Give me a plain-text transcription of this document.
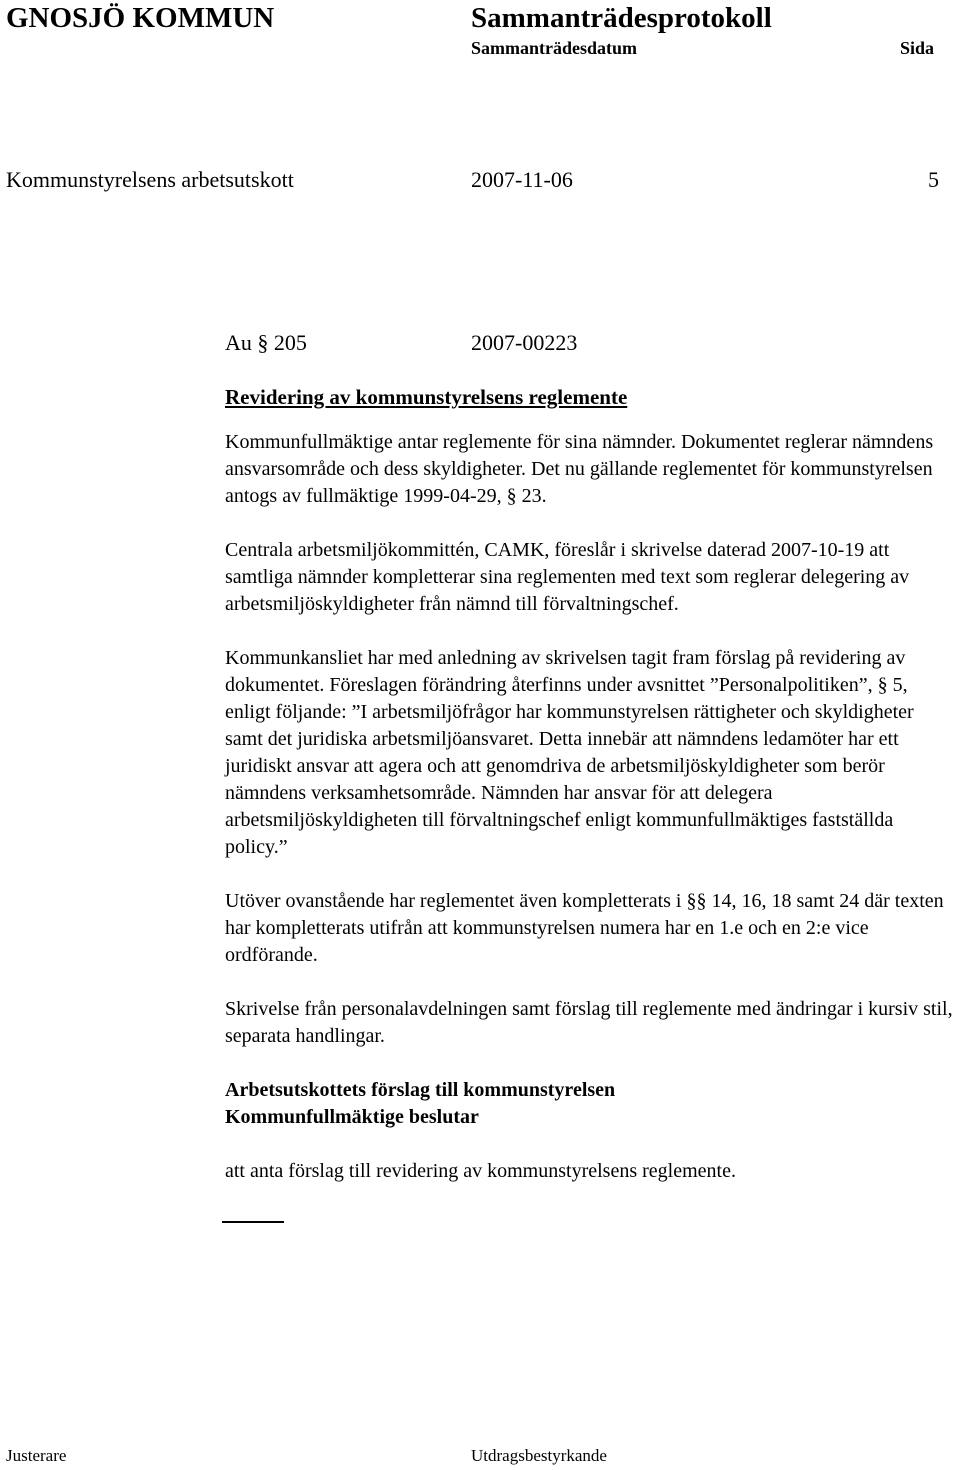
GNOSJÖ KOMMUN	Sammanträdesprotokoll
Sammanträdesdatum	Sida
Kommunstyrelsens arbetsutskott	2007-11-06	5
Au § 205	2007-00223

Revidering av kommunstyrelsens reglemente

Kommunfullmäktige antar reglemente för sina nämnder. Dokumentet reglerar nämndens ansvarsområde och dess skyldigheter. Det nu gällande reglementet för kommunstyrelsen antogs av fullmäktige 1999-04-29, § 23.

Centrala arbetsmiljökommittén, CAMK, föreslår i skrivelse daterad 2007-10-19 att samtliga nämnder kompletterar sina reglementen med text som reglerar delegering av arbetsmiljöskyldigheter från nämnd till förvaltningschef.

Kommunkansliet har med anledning av skrivelsen tagit fram förslag på revidering av dokumentet. Föreslagen förändring återfinns under avsnittet ”Personalpolitiken”, § 5, enligt följande: ”I arbetsmiljöfrågor har kommunstyrelsen rättigheter och skyldigheter samt det juridiska arbetsmiljöansvaret. Detta innebär att nämndens ledamöter har ett juridiskt ansvar att agera och att genomdriva de arbetsmiljöskyldigheter som berör nämndens verksamhetsområde. Nämnden har ansvar för att delegera arbetsmiljöskyldigheten till förvaltningschef enligt kommunfullmäktiges fastställda policy.”

Utöver ovanstående har reglementet även kompletterats i §§ 14, 16, 18 samt 24 där texten har kompletterats utifrån att kommunstyrelsen numera har en 1.e och en 2:e vice ordförande.

Skrivelse från personalavdelningen samt förslag till reglemente med ändringar i kursiv stil, separata handlingar.

Arbetsutskottets förslag till kommunstyrelsen

Kommunfullmäktige beslutar

att anta förslag till revidering av kommunstyrelsens reglemente.

Justerare	Utdragsbestyrkande
